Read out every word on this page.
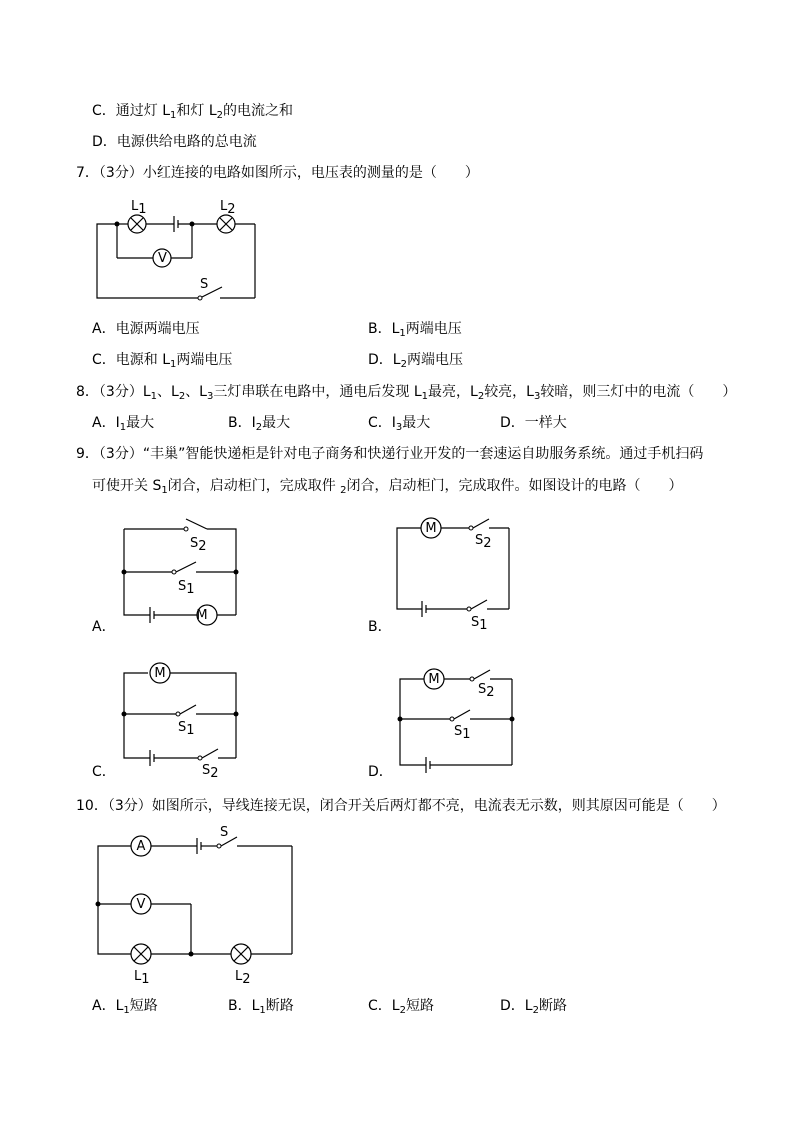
C．通过灯 $L_1$和灯 $L_2$的电流之和
D．电源供给电路的总电流
7．（3分）小红连接的电路如图所示，电压表的测量的是（　　）
L1	L2
V
S
A．电源两端电压	B．$L_1$两端电压
C．电源和 $L_1$两端电压	D．$L_2$两端电压
8．（3分）$L_1$、$L_2$、$L_3$三灯串联在电路中，通电后发现 $L_1$最亮，$L_2$较亮，$L_3$较暗，则三灯中的电流（　　）
A．$I_1$最大	B．$I_2$最大	C．$I_3$最大	D．一样大
9．（3分）“丰巢”智能快递柜是针对电子商务和快递行业开发的一套速运自助服务系统。通过手机扫码
可使开关 $S_1$闭合，启动柜门，完成取件 $_2$闭合，启动柜门，完成取件。如图设计的电路（　　）
M
S2
S1
A．
M
S2
S1
B．
M
S1
S2
C．
M
S2
S1
D．
10．（3分）如图所示，导线连接无误，闭合开关后两灯都不亮，电流表无示数，则其原因可能是（　　）
A
V
S
L1	L2
A．$L_1$短路	B．$L_1$断路	C．$L_2$短路	D．$L_2$断路
